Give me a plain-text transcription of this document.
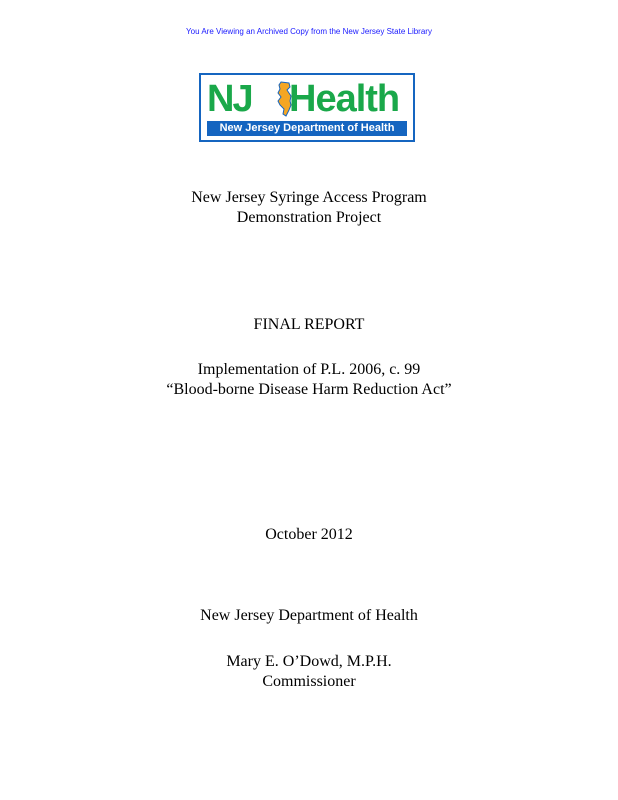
You Are Viewing an Archived Copy from the New Jersey State Library
NJ Health
New Jersey Department of Health
New Jersey Syringe Access Program
Demonstration Project
FINAL REPORT
Implementation of P.L. 2006, c. 99
“Blood-borne Disease Harm Reduction Act”
October 2012
New Jersey Department of Health
Mary E. O’Dowd, M.P.H.
Commissioner
